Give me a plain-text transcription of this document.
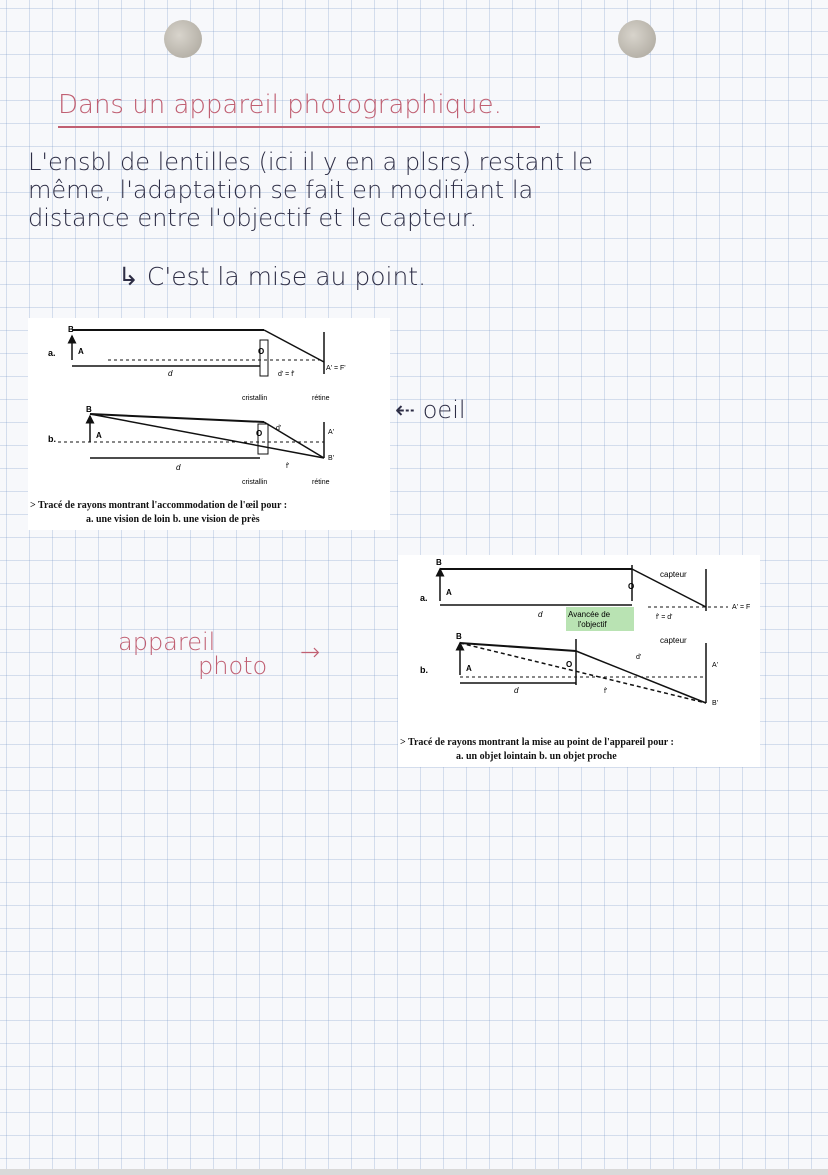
Dans un appareil photographique.
L'ensbl de lentilles (ici il y en a plsrs) restant le
même, l'adaptation se fait en modifiant la
distance entre l'objectif et le capteur.
↳ C'est la mise au point.
⇠ oeil
appareil
photo →
a.
B
A	O
A' = F'
d	d' = f'
cristallin	rétine
b.
B
A	O
d'
A'
B'
d	f'
cristallin	rétine
> Tracé de rayons montrant l'accommodation de l'œil pour :
a. une vision de loin b. une vision de près
a.
B
A
O
capteur
A' = F
d	f' = d'
Avancée de
l'objectif
b.
B
A	O
capteur
A'
B'
d'
d	f'
> Tracé de rayons montrant la mise au point de l'appareil pour :
a. un objet lointain b. un objet proche
